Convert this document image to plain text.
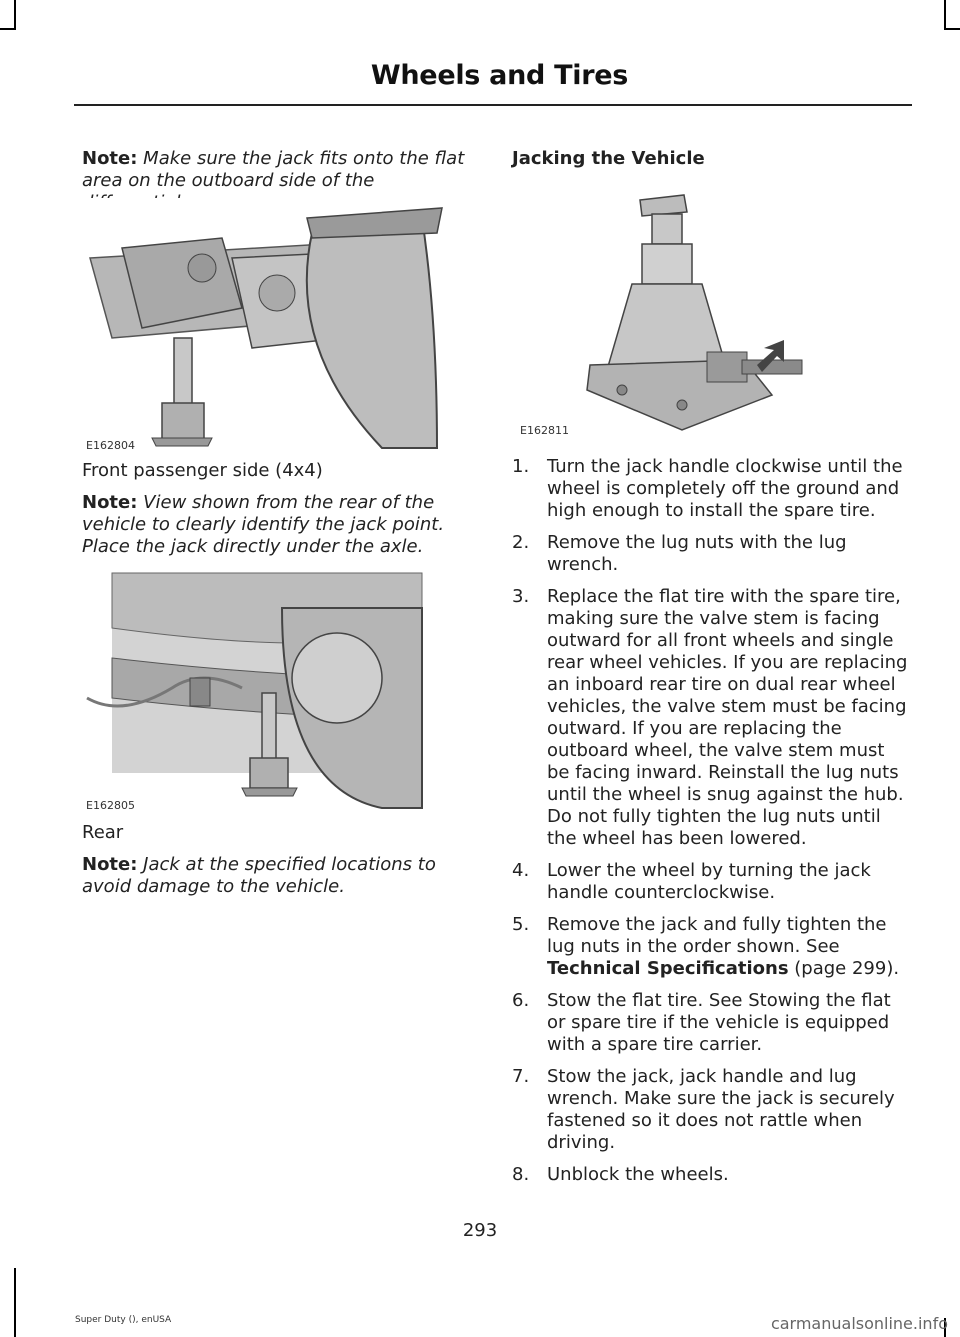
Wheels and Tires
Note: Make sure the jack fits onto the flat area on the outboard side of the
E162804
Front passenger side (4x4)
Note: View shown from the rear of the vehicle to clearly identify the jack point. Place the jack directly under the axle.
E162805
Rear
Note: Jack at the specified locations to avoid damage to the vehicle.
Jacking the Vehicle
E162811
1. Turn the jack handle clockwise until the wheel is completely off the ground and high enough to install the spare tire.
2. Remove the lug nuts with the lug wrench.
3. Replace the flat tire with the spare tire, making sure the valve stem is facing outward for all front wheels and single rear wheel vehicles. If you are replacing an inboard rear tire on dual rear wheel vehicles, the valve stem must be facing outward. If you are replacing the outboard wheel, the valve stem must be facing inward. Reinstall the lug nuts until the wheel is snug against the hub. Do not fully tighten the lug nuts until the wheel has been lowered.
4. Lower the wheel by turning the jack handle counterclockwise.
5. Remove the jack and fully tighten the lug nuts in the order shown. See Technical Specifications (page 299).
6. Stow the flat tire. See Stowing the flat or spare tire if the vehicle is equipped with a spare tire carrier.
7. Stow the jack, jack handle and lug wrench. Make sure the jack is securely fastened so it does not rattle when driving.
8. Unblock the wheels.
293
Super Duty (), enUSA	carmanualsonline.info
